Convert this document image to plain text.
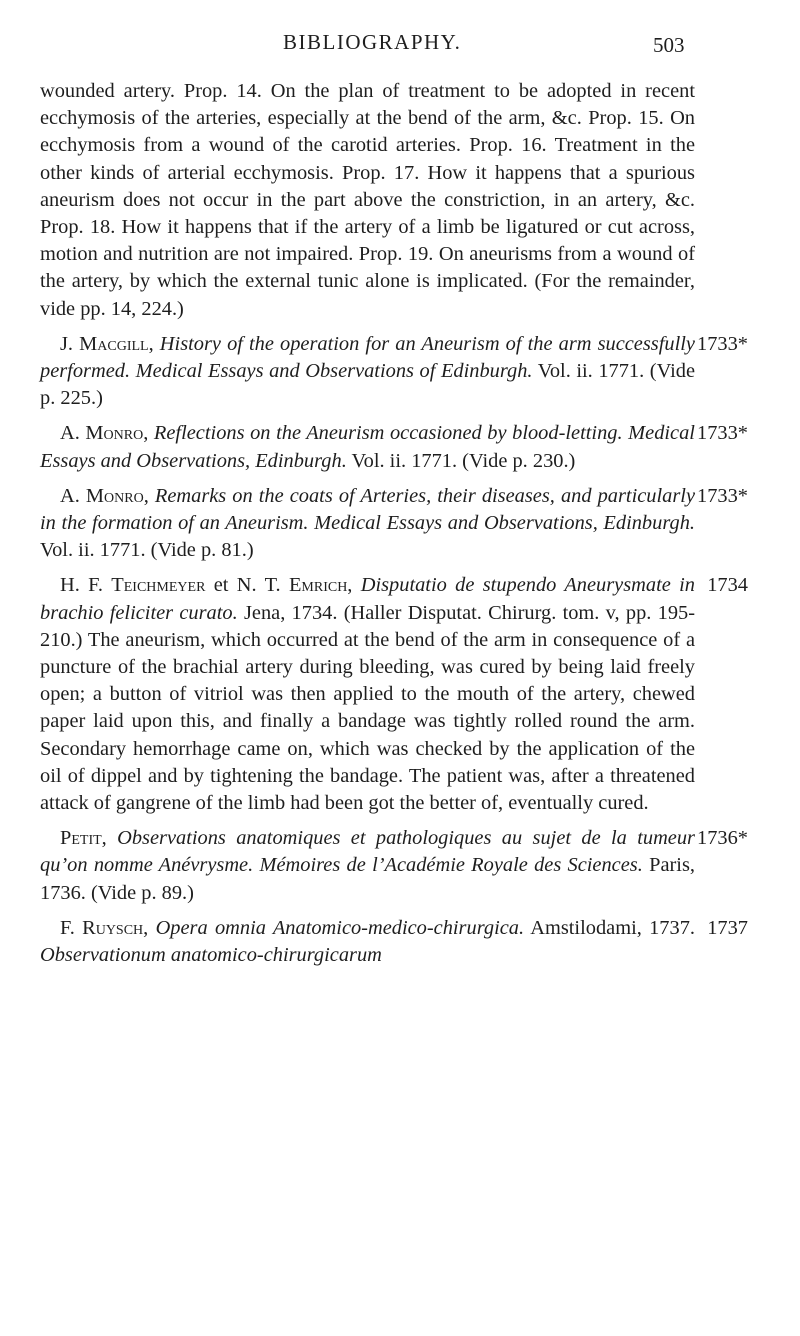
BIBLIOGRAPHY.	503

wounded artery. Prop. 14. On the plan of treatment to be adopted in recent ecchymosis of the arteries, especially at the bend of the arm, &c. Prop. 15. On ecchymosis from a wound of the carotid arteries. Prop. 16. Treatment in the other kinds of arterial ecchymosis. Prop. 17. How it happens that a spurious aneurism does not occur in the part above the constriction, in an artery, &c. Prop. 18. How it happens that if the artery of a limb be ligatured or cut across, motion and nutrition are not impaired. Prop. 19. On aneurisms from a wound of the artery, by which the external tunic alone is implicated. (For the remainder, vide pp. 14, 224.)

J. Macgill, History of the operation for an Aneurism of the arm successfully performed. Medical Essays and Observations of Edinburgh. Vol. ii. 1771. (Vide p. 225.)
1733*

A. Monro, Reflections on the Aneurism occasioned by blood-letting. Medical Essays and Observations, Edinburgh. Vol. ii. 1771. (Vide p. 230.)
1733*

A. Monro, Remarks on the coats of Arteries, their diseases, and particularly in the formation of an Aneurism. Medical Essays and Observations, Edinburgh. Vol. ii. 1771. (Vide p. 81.)
1733*

H. F. Teichmeyer et N. T. Emrich, Disputatio de stupendo Aneurysmate in brachio feliciter curato. Jena, 1734. (Haller Disputat. Chirurg. tom. v, pp. 195-210.) The aneurism, which occurred at the bend of the arm in consequence of a puncture of the brachial artery during bleeding, was cured by being laid freely open; a button of vitriol was then applied to the mouth of the artery, chewed paper laid upon this, and finally a bandage was tightly rolled round the arm. Secondary hemorrhage came on, which was checked by the application of the oil of dippel and by tightening the bandage. The patient was, after a threatened attack of gangrene of the limb had been got the better of, eventually cured.
1734

Petit, Observations anatomiques et pathologiques au sujet de la tumeur qu’on nomme Anévrysme. Mémoires de l’Académie Royale des Sciences. Paris, 1736. (Vide p. 89.)
1736*

F. Ruysch, Opera omnia Anatomico-medico-chirurgica. Amstilodami, 1737. Observationum anatomico-chirurgicarum
1737
